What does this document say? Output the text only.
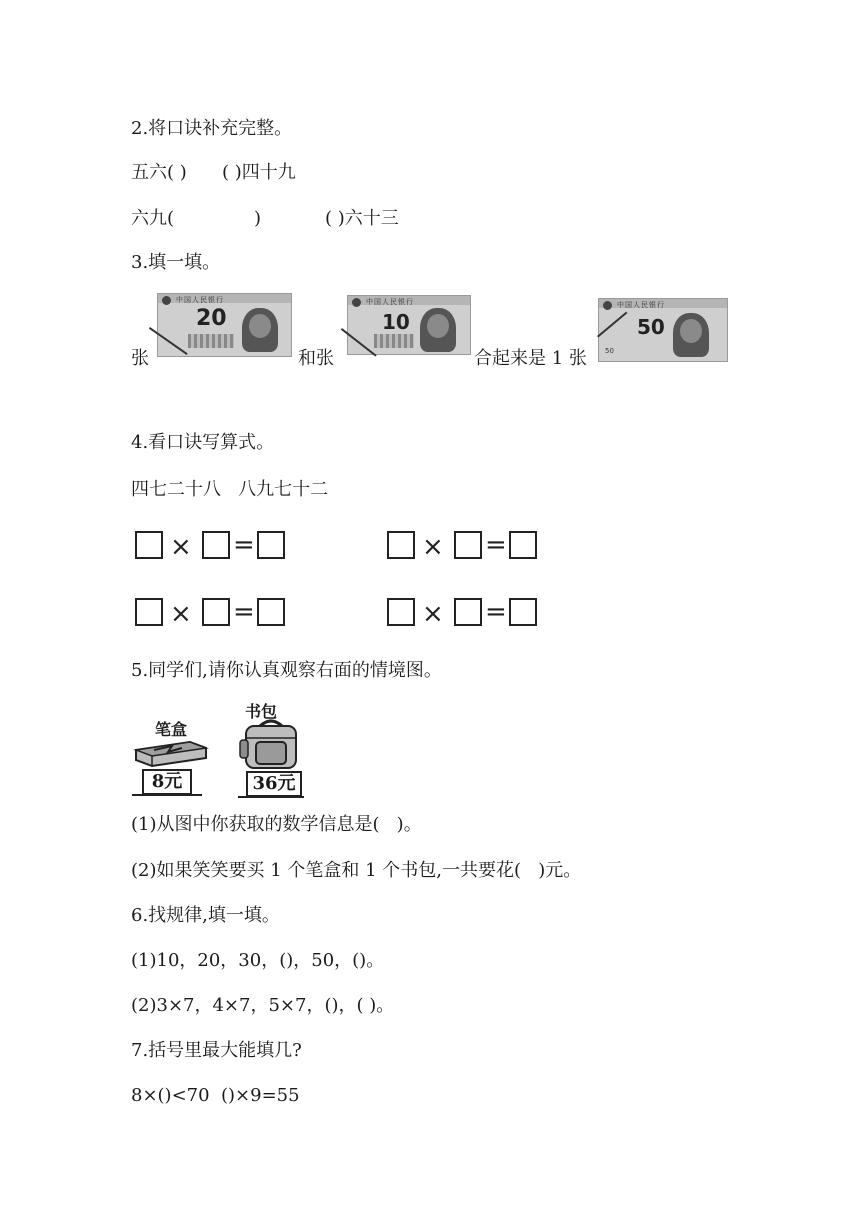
2.将口诀补充完整。
五六( ) ( )四十九
六九(	)	( )六十三
3.填一填。
张
中国人民银行
20
和张
中国人民银行
10
合起来是 1 张
中国人民银行
50
50
4.看口诀写算式。
四七二十八   八九七十二
× =	× =
× =	× =
5.同学们,请你认真观察右面的情境图。
笔盒
8元
书包
36元
(1)从图中你获取的数学信息是(   )。
(2)如果笑笑要买 1 个笔盒和 1 个书包,一共要花(   )元。
6.找规律,填一填。
(1)10，20，30，()，50，()。
(2)3×7，4×7，5×7，()，( )。
7.括号里最大能填几?
8×()<70  ()×9=55
